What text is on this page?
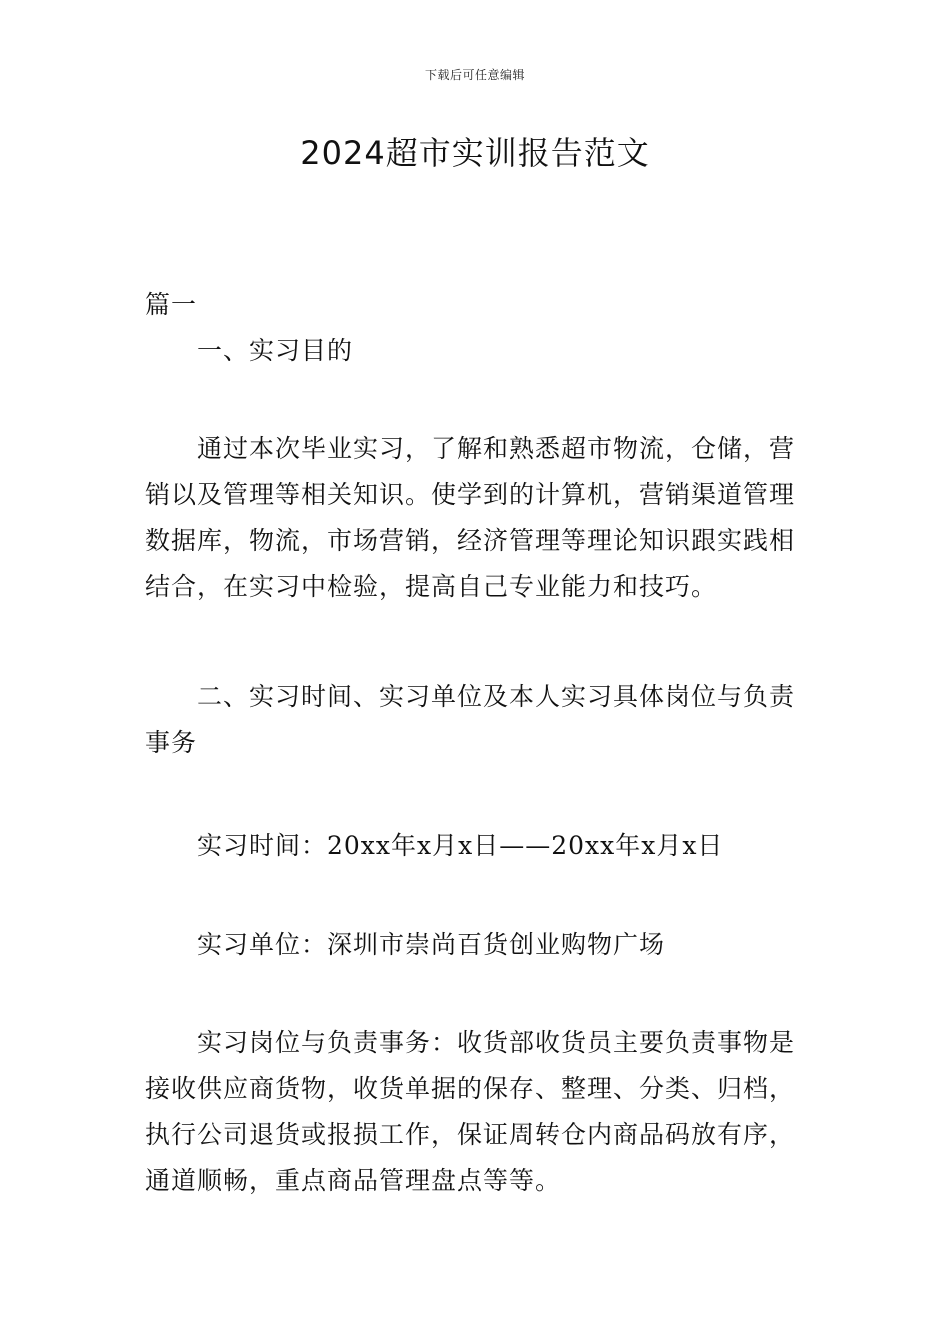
下载后可任意编辑
2024超市实训报告范文

篇一

一、实习目的

通过本次毕业实习，了解和熟悉超市物流，仓储，营销以及管理等相关知识。使学到的计算机，营销渠道管理数据库，物流，市场营销，经济管理等理论知识跟实践相结合，在实习中检验，提高自己专业能力和技巧。

二、实习时间、实习单位及本人实习具体岗位与负责事务

实习时间：20xx年x月x日——20xx年x月x日

实习单位：深圳市崇尚百货创业购物广场

实习岗位与负责事务：收货部收货员主要负责事物是接收供应商货物，收货单据的保存、整理、分类、归档，执行公司退货或报损工作，保证周转仓内商品码放有序，通道顺畅，重点商品管理盘点等等。
